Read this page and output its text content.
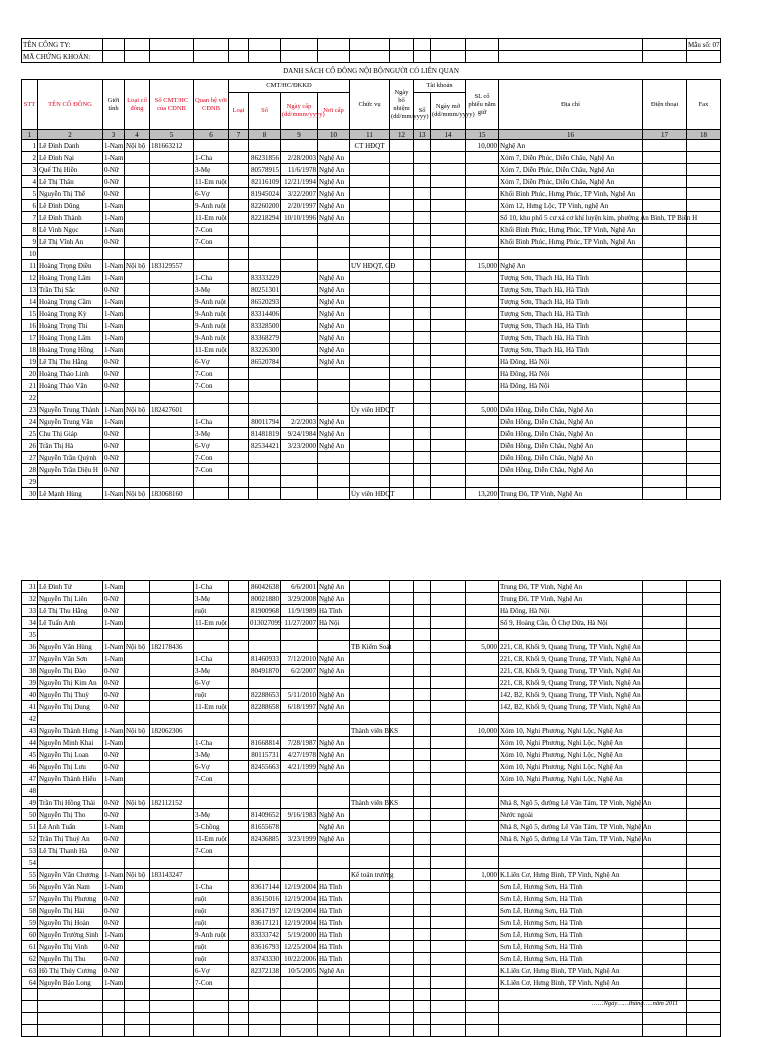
TÊN CÔNG TY:																	Mẫu số: 07
MÃ CHỨNG KHOÁN:																	
DANH SÁCH CỔ ĐÔNG NỘI BỘ/NGƯỜI CÓ LIÊN QUAN																	
STT	TÊN CỔ ĐÔNG	Giới tính	Loại cổ đông	Số CMT/HC của CĐNB	Quan hệ với CĐNB	CMT/HC/ĐKKD				Chức vụ	Ngày bổ nhiệm (dd/mm/yyyy)	Tài khoản		SL cổ phiếu năm giữ	Địa chỉ	Điện thoại	Fax
						Loại	Số	Ngày cấp (dd/mmm/yyyy)	Nơi cấp			Số	Ngày mở (dd/mmm/yyyy)				
1	2	3	4	5	6	7	8	9	10	11	12	13	14	15	16	17	18
1	Lê Đình Danh	1-Nam	Nội bộ	181663212						CT HĐQT				10,000	Nghệ An		
2	Lê Đình Nại	1-Nam			1-Cha		86231856	2/28/2003	Nghệ An						Xóm 7, Diễn Phúc, Diễn Châu, Nghệ An		
3	Quế Thị Hiền	0-Nữ			3-Mẹ		80578915	11/6/1978	Nghệ An						Xóm 7, Diễn Phúc, Diễn Châu, Nghệ An		
4	Lê Thị Thân	0-Nữ			11-Em ruột		82116109	12/21/1994	Nghệ An						Xóm 7, Diễn Phúc, Diễn Châu, Nghệ An		
5	Nguyễn Thị Thể	0-Nữ			6-Vợ		81945024	3/22/2007	Nghệ An						Khối Bình Phúc, Hưng Phúc, TP Vinh, Nghệ An		
6	Lê Đình Dũng	1-Nam			9-Anh ruột		82260200	2/20/1997	Nghệ An						Xóm 12, Hưng Lộc, TP Vinh, nghệ An		
7	Lê Đình Thành	1-Nam			11-Em ruột		82218294	10/10/1996	Nghệ An						Số 10, khu phố 5 cư xá cơ khí luyện kim, phường An Bình, TP Biên H		
8	Lê Vinh Ngọc	1-Nam			7-Con										Khối Bình Phúc, Hưng Phúc, TP Vinh, Nghệ An		
9	Lê Thị Vĩnh An	0-Nữ			7-Con										Khối Bình Phúc, Hưng Phúc, TP Vinh, Nghệ An		
10																	
11	Hoàng Trọng Điền	1-Nam	Nội bộ	183129557						UV HĐQT, GĐ				15,000	Nghệ An		
12	Hoàng Trọng Lâm	1-Nam			1-Cha		83333229		Nghệ An						Tượng Sơn, Thạch Hà, Hà Tĩnh		
13	Trần Thị Sắc	0-Nữ			3-Mẹ		80251301		Nghệ An						Tượng Sơn, Thạch Hà, Hà Tĩnh		
14	Hoàng Trọng Cầm	1-Nam			9-Anh ruột		86520293		Nghệ An						Tượng Sơn, Thạch Hà, Hà Tĩnh		
15	Hoàng Trọng Kỳ	1-Nam			9-Anh ruột		83314406		Nghệ An						Tượng Sơn, Thạch Hà, Hà Tĩnh		
16	Hoàng Trọng Thi	1-Nam			9-Anh ruột		83328500		Nghệ An						Tượng Sơn, Thạch Hà, Hà Tĩnh		
17	Hoàng Trọng Lâm	1-Nam			9-Anh ruột		83368279		Nghệ An						Tượng Sơn, Thạch Hà, Hà Tĩnh		
18	Hoàng Trọng Hồng	1-Nam			11-Em ruột		83226300		Nghệ An						Tượng Sơn, Thạch Hà, Hà Tĩnh		
19	Lê Thị Thu Hằng	0-Nữ			6-Vợ		86520784		Nghệ An						Hà Đông, Hà Nội		
20	Hoàng Thảo Linh	0-Nữ			7-Con										Hà Đông, Hà Nội		
21	Hoàng Thảo Vân	0-Nữ			7-Con										Hà Đông, Hà Nội		
22																	
23	Nguyễn Trung Thành	1-Nam	Nội bộ	182427601						Ủy viên HĐQT				5,000	Diễn Hồng, Diễn Châu, Nghệ An		
24	Nguyễn Trung Văn	1-Nam			1-Cha		80011794	2/2/2003	Nghệ An						Diễn Hồng, Diễn Châu, Nghệ An		
25	Chu Thị Giáp	0-Nữ			3-Mẹ		81481819	9/24/1984	Nghệ An						Diễn Hồng, Diễn Châu, Nghệ An		
26	Trần Thị Hà	0-Nữ			6-Vợ		82534421	3/23/2000	Nghệ An						Diễn Hồng, Diễn Châu, Nghệ An		
27	Nguyễn Trần Quỳnh	0-Nữ			7-Con										Diễn Hồng, Diễn Châu, Nghệ An		
28	Nguyễn Trần Diệu H	0-Nữ			7-Con										Diễn Hồng, Diễn Châu, Nghệ An		
29																	
30	Lê Mạnh Hùng	1-Nam	Nội bộ	183068160						Ủy viên HĐQT				13,200	Trung Đô, TP Vinh, Nghệ An		
31	Lê Đình Tứ	1-Nam			1-Cha		86042638	6/6/2001	Nghệ An						Trung Đô, TP Vinh, Nghệ An		
32	Nguyễn Thị Liên	0-Nữ			3-Mẹ		80021880	3/29/2008	Nghệ An						Trung Đô, TP Vinh, Nghệ An		
33	Lê Thị Thu Hằng	0-Nữ			ruột		81900968	11/9/1989	Hà Tĩnh						Hà Đông, Hà Nội		
34	Lê Tuấn Anh	1-Nam			11-Em ruột		013027099	11/27/2007	Hà Nội						Số 9, Hoàng Cầu, Ô Chợ Dừa, Hà Nội		
35																	
36	Nguyễn Văn Hùng	1-Nam	Nội bộ	182178436						TB Kiểm Soát				5,000	221, C8, Khối 9, Quang Trung, TP Vinh, Nghệ An		
37	Nguyễn Văn Sơn	1-Nam			1-Cha		81460933	7/12/2010	Nghệ An						221, C8, Khối 9, Quang Trung, TP Vinh, Nghệ An		
38	Nguyễn Thị Đào	0-Nữ			3-Mẹ		80491870	6/2/2007	Nghệ An						221, C8, Khối 9, Quang Trung, TP Vinh, Nghệ An		
39	Nguyễn Thị Kim An	0-Nữ			6-Vợ										221, C8, Khối 9, Quang Trung, TP Vinh, Nghệ An		
40	Nguyễn Thị Thuỳ	0-Nữ			ruột		82288653	5/11/2010	Nghệ An						142, B2, Khối 9, Quang Trung, TP Vinh, Nghệ An		
41	Nguyễn Thị Dung	0-Nữ			11-Em ruột		82288658	6/18/1997	Nghệ An						142, B2, Khối 9, Quang Trung, TP Vinh, Nghệ An		
42																	
43	Nguyễn Thành Hưng	1-Nam	Nội bộ	182062306						Thành viên BKS				10,000	Xóm 10, Nghi Phương, Nghi Lộc, Nghệ An		
44	Nguyễn Minh Khai	1-Nam			1-Cha		81668814	7/28/1987	Nghệ An						Xóm 10, Nghi Phương, Nghi Lộc, Nghệ An		
45	Nguyễn Thị Loan	0-Nữ			3-Mẹ		80115731	4/27/1978	Nghệ An						Xóm 10, Nghi Phương, Nghi Lộc, Nghệ An		
46	Nguyễn Thị Lưu	0-Nữ			6-Vợ		82455663	4/21/1999	Nghệ An						Xóm 10, Nghi Phương, Nghi Lộc, Nghệ An		
47	Nguyễn Thành Hiếu	1-Nam			7-Con										Xóm 10, Nghi Phương, Nghi Lộc, Nghệ An		
48																	
49	Trần Thị Hồng Thái	0-Nữ	Nội bộ	182112152						Thành viên BKS					Nhà 8, Ngõ 5, đường Lê Văn Tám, TP Vinh, Nghệ An		
50	Nguyễn Thị Tho	0-Nữ			3-Mẹ		81409652	9/16/1983	Nghệ An						Nước ngoài		
51	Lê Anh Tuấn	1-Nam			5-Chồng		81655678		Nghệ An						Nhà 8, Ngõ 5, đường Lê Văn Tám, TP Vinh, Nghệ An		
52	Trần Thị Thuý An	0-Nữ			11-Em ruột		82436885	3/23/1999	Nghệ An						Nhà 8, Ngõ 5, đường Lê Văn Tám, TP Vinh, Nghệ An		
53	Lê Thị Thanh Hà	0-Nữ			7-Con												
54																	
55	Nguyễn Văn Chương	1-Nam	Nội bộ	183143247						Kế toán trưởng				1,000	K.Liên Cơ, Hưng Bình, TP Vinh, Nghệ An		
56	Nguyễn Văn Nam	1-Nam			1-Cha		83617144	12/19/2004	Hà Tĩnh						Sơn Lễ, Hương Sơn, Hà Tĩnh		
57	Nguyễn Thị Phương	0-Nữ			ruột		83615016	12/19/2004	Hà Tĩnh						Sơn Lễ, Hương Sơn, Hà Tĩnh		
58	Nguyễn Thị Hải	0-Nữ			ruột		83617197	12/19/2004	Hà Tĩnh						Sơn Lễ, Hương Sơn, Hà Tĩnh		
59	Nguyễn Thị Hoàn	0-Nữ			ruột		83617121	12/19/2004	Hà Tĩnh						Sơn Lễ, Hương Sơn, Hà Tĩnh		
60	Nguyễn Trường Sinh	1-Nam			9-Anh ruột		83333742	5/19/2000	Hà Tĩnh						Sơn Lễ, Hương Sơn, Hà Tĩnh		
61	Nguyễn Thị Vinh	0-Nữ			ruột		83616793	12/25/2004	Hà Tĩnh						Sơn Lễ, Hương Sơn, Hà Tĩnh		
62	Nguyễn Thị Thu	0-Nữ			ruột		83743330	10/22/2006	Hà Tĩnh						Sơn Lễ, Hương Sơn, Hà Tĩnh		
63	Hồ Thị Thúy Cương	0-Nữ			6-Vợ		82372138	10/5/2005	Nghệ An						K.Liên Cơ, Hưng Bình, TP Vinh, Nghệ An		
64	Nguyễn Bảo Long	1-Nam			7-Con										K.Liên Cơ, Hưng Bình, TP Vinh, Nghệ An		

……Ngày……tháng…..năm 2011
